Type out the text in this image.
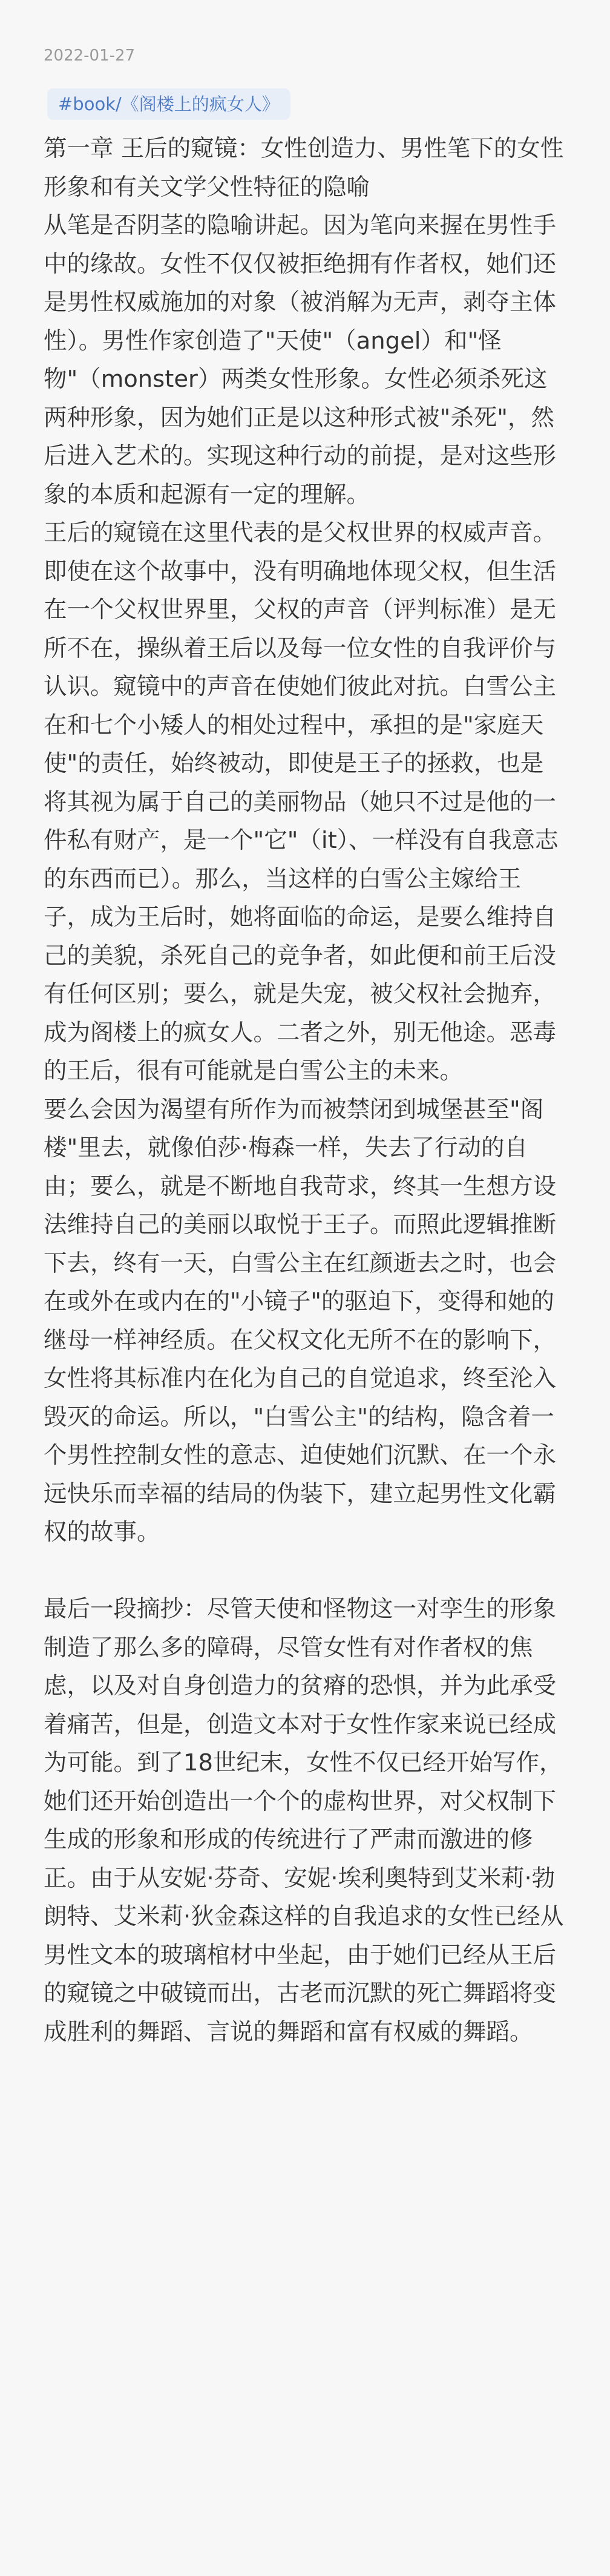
2022-01-27
#book/《阁楼上的疯女人》

第一章 王后的窥镜：女性创造力、男性笔下的女性形象和有关文学父性特征的隐喻

从笔是否阴茎的隐喻讲起。因为笔向来握在男性手中的缘故。女性不仅仅被拒绝拥有作者权，她们还是男性权威施加的对象（被消解为无声，剥夺主体性）。男性作家创造了"天使"（angel）和"怪物"（monster）两类女性形象。女性必须杀死这两种形象，因为她们正是以这种形式被"杀死"，然后进入艺术的。实现这种行动的前提，是对这些形象的本质和起源有一定的理解。

王后的窥镜在这里代表的是父权世界的权威声音。即使在这个故事中，没有明确地体现父权，但生活在一个父权世界里，父权的声音（评判标准）是无所不在，操纵着王后以及每一位女性的自我评价与认识。窥镜中的声音在使她们彼此对抗。白雪公主在和七个小矮人的相处过程中，承担的是"家庭天使"的责任，始终被动，即使是王子的拯救，也是将其视为属于自己的美丽物品（她只不过是他的一件私有财产，是一个"它"（it）、一样没有自我意志的东西而已）。那么，当这样的白雪公主嫁给王子，成为王后时，她将面临的命运，是要么维持自己的美貌，杀死自己的竞争者，如此便和前王后没有任何区别；要么，就是失宠，被父权社会抛弃，成为阁楼上的疯女人。二者之外，别无他途。恶毒的王后，很有可能就是白雪公主的未来。

要么会因为渴望有所作为而被禁闭到城堡甚至"阁楼"里去，就像伯莎·梅森一样，失去了行动的自由；要么，就是不断地自我苛求，终其一生想方设法维持自己的美丽以取悦于王子。而照此逻辑推断下去，终有一天，白雪公主在红颜逝去之时，也会在或外在或内在的"小镜子"的驱迫下，变得和她的继母一样神经质。在父权文化无所不在的影响下，女性将其标准内在化为自己的自觉追求，终至沦入毁灭的命运。所以，"白雪公主"的结构，隐含着一个男性控制女性的意志、迫使她们沉默、在一个永远快乐而幸福的结局的伪装下，建立起男性文化霸权的故事。

最后一段摘抄：尽管天使和怪物这一对孪生的形象制造了那么多的障碍，尽管女性有对作者权的焦虑，以及对自身创造力的贫瘠的恐惧，并为此承受着痛苦，但是，创造文本对于女性作家来说已经成为可能。到了18世纪末，女性不仅已经开始写作，她们还开始创造出一个个的虚构世界，对父权制下生成的形象和形成的传统进行了严肃而激进的修正。由于从安妮·芬奇、安妮·埃利奥特到艾米莉·勃朗特、艾米莉·狄金森这样的自我追求的女性已经从男性文本的玻璃棺材中坐起，由于她们已经从王后的窥镜之中破镜而出，古老而沉默的死亡舞蹈将变成胜利的舞蹈、言说的舞蹈和富有权威的舞蹈。
